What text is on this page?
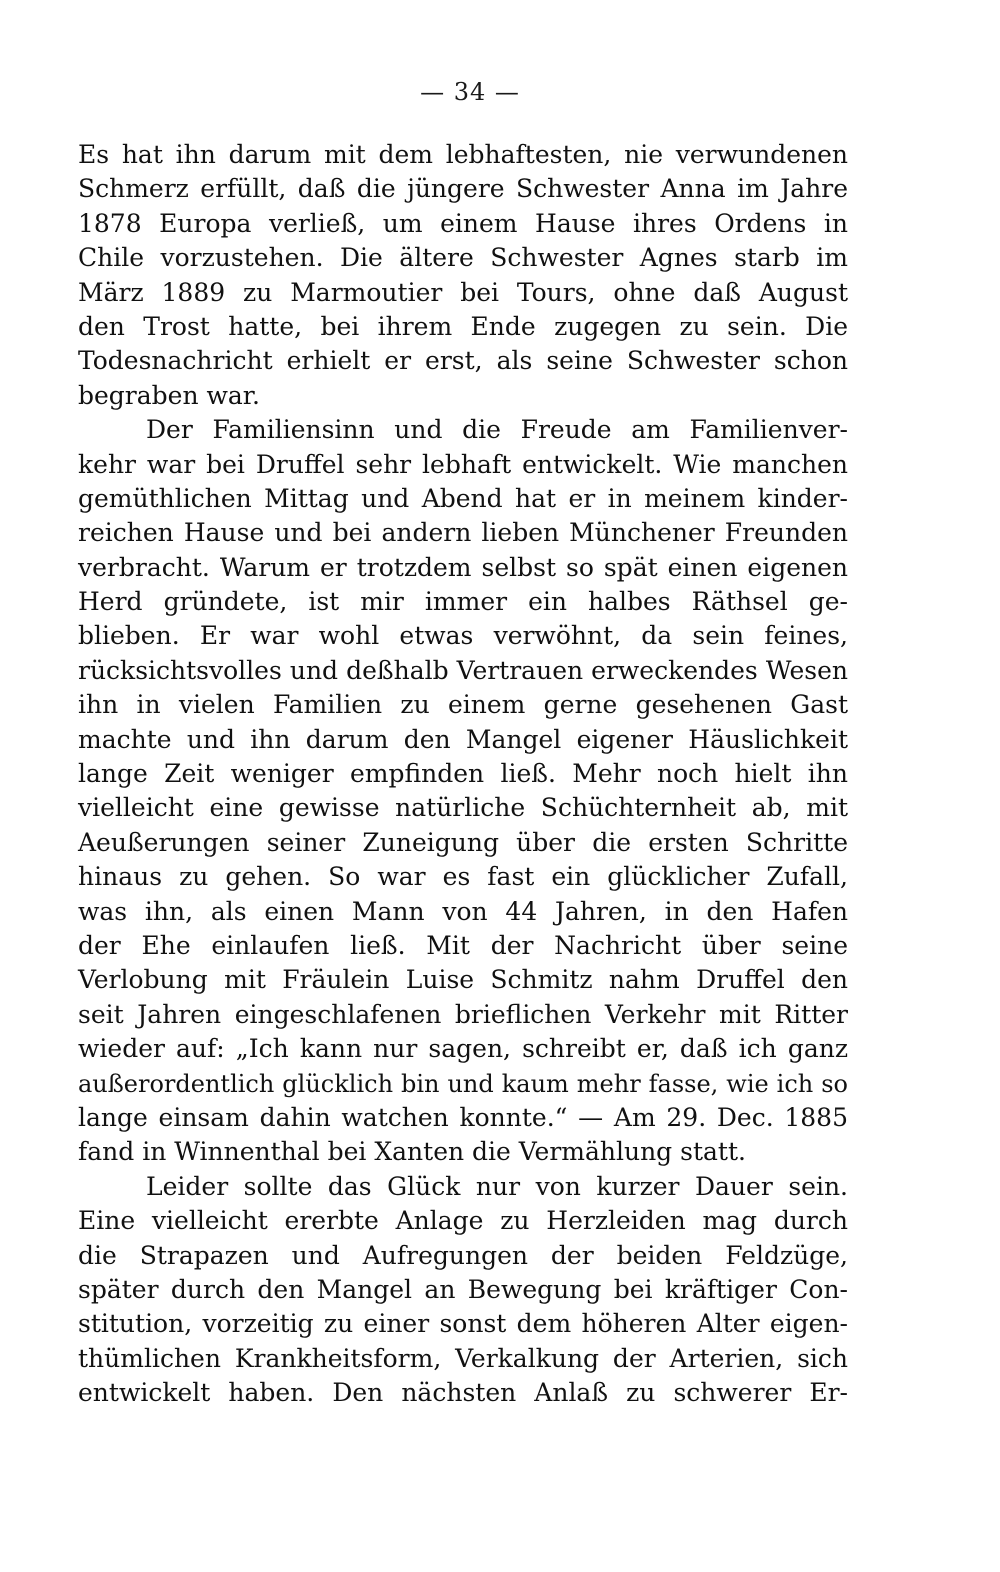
— 34 —
Es hat ihn darum mit dem lebhaftesten, nie verwundenen
Schmerz erfüllt, daß die jüngere Schwester Anna im Jahre
1878 Europa verließ, um einem Hause ihres Ordens in
Chile vorzustehen. Die ältere Schwester Agnes starb im
März 1889 zu Marmoutier bei Tours, ohne daß August
den Trost hatte, bei ihrem Ende zugegen zu sein. Die
Todesnachricht erhielt er erst, als seine Schwester schon
begraben war.
Der Familiensinn und die Freude am Familienver-
kehr war bei Druffel sehr lebhaft entwickelt. Wie manchen
gemüthlichen Mittag und Abend hat er in meinem kinder-
reichen Hause und bei andern lieben Münchener Freunden
verbracht. Warum er trotzdem selbst so spät einen eigenen
Herd gründete, ist mir immer ein halbes Räthsel ge-
blieben. Er war wohl etwas verwöhnt, da sein feines,
rücksichtsvolles und deßhalb Vertrauen erweckendes Wesen
ihn in vielen Familien zu einem gerne gesehenen Gast
machte und ihn darum den Mangel eigener Häuslichkeit
lange Zeit weniger empfinden ließ. Mehr noch hielt ihn
vielleicht eine gewisse natürliche Schüchternheit ab, mit
Aeußerungen seiner Zuneigung über die ersten Schritte
hinaus zu gehen. So war es fast ein glücklicher Zufall,
was ihn, als einen Mann von 44 Jahren, in den Hafen
der Ehe einlaufen ließ. Mit der Nachricht über seine
Verlobung mit Fräulein Luise Schmitz nahm Druffel den
seit Jahren eingeschlafenen brieflichen Verkehr mit Ritter
wieder auf: „Ich kann nur sagen, schreibt er, daß ich ganz
außerordentlich glücklich bin und kaum mehr fasse, wie ich so
lange einsam dahin watchen konnte.“ — Am 29. Dec. 1885
fand in Winnenthal bei Xanten die Vermählung statt.
Leider sollte das Glück nur von kurzer Dauer sein.
Eine vielleicht ererbte Anlage zu Herzleiden mag durch
die Strapazen und Aufregungen der beiden Feldzüge,
später durch den Mangel an Bewegung bei kräftiger Con-
stitution, vorzeitig zu einer sonst dem höheren Alter eigen-
thümlichen Krankheitsform, Verkalkung der Arterien, sich
entwickelt haben. Den nächsten Anlaß zu schwerer Er-
